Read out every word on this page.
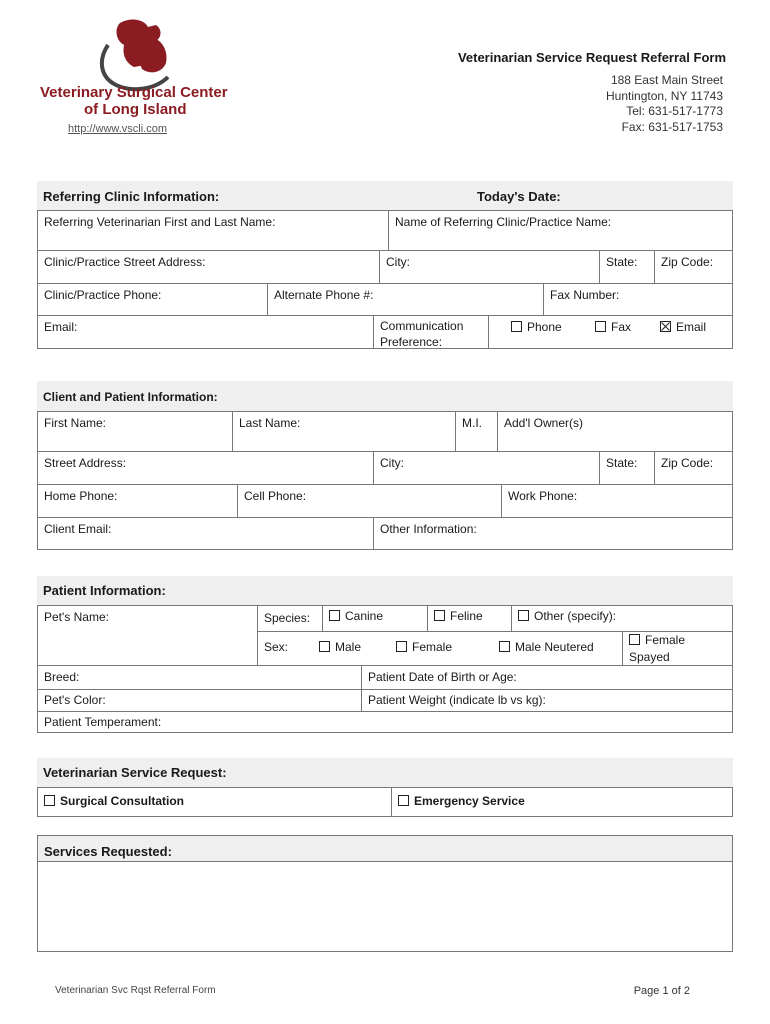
Veterinary Surgical Center
of Long Island
http://www.vscli.com
Veterinarian Service Request Referral Form
188 East Main Street
Huntington, NY 11743
Tel: 631-517-1773
Fax: 631-517-1753
Referring Clinic Information:	Today's Date:
Referring Veterinarian First and Last Name:	Name of Referring Clinic/Practice Name:
Clinic/Practice Street Address:	City:	State:	Zip Code:
Clinic/Practice Phone:	Alternate Phone #:	Fax Number:
Email:	Communication Preference:
Phone	Fax	Email
Client and Patient Information:
First Name:	Last Name:	M.I.	Add'l Owner(s)
Street Address:	City:	State:	Zip Code:
Home Phone:	Cell Phone:	Work Phone:
Client Email:	Other Information:
Patient Information:
Pet's Name:	Species:	Canine	Feline	Other (specify):
Sex:	Male	Female	Male Neutered	Female Spayed
Breed:	Patient Date of Birth or Age:
Pet's Color:	Patient Weight (indicate lb vs kg):
Patient Temperament:
Veterinarian Service Request:
Surgical Consultation	Emergency Service
Services Requested:
Veterinarian Svc Rqst Referral Form	Page 1 of 2
